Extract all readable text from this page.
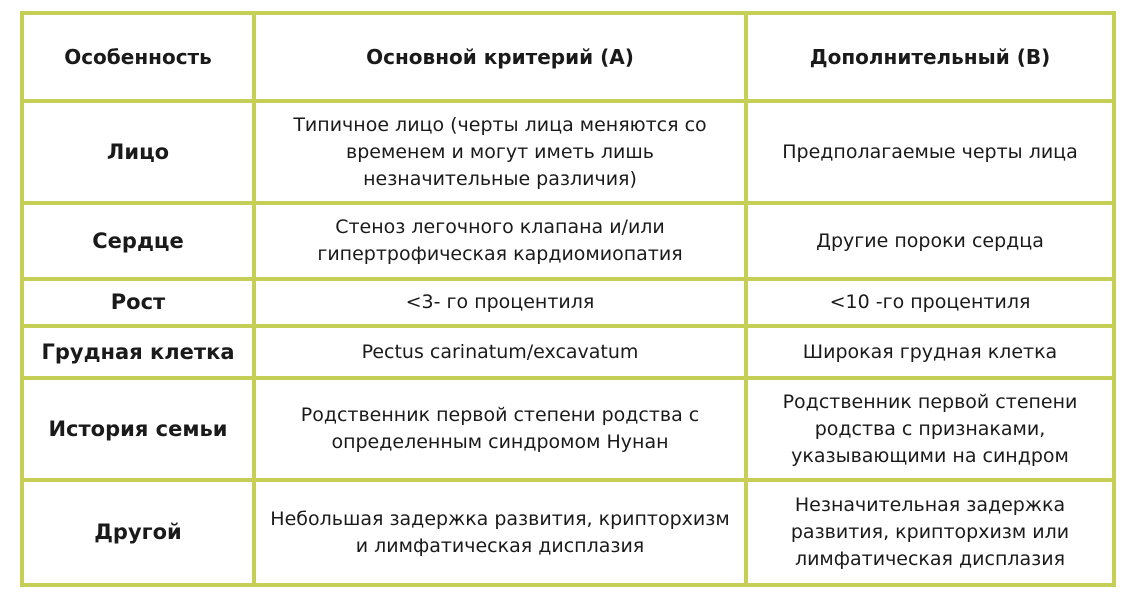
Особенность	Основной критерий (А)	Дополнительный (В)
Лицо	Типичное лицо (черты лица меняются со временем и могут иметь лишь незначительные различия)	Предполагаемые черты лица
Сердце	Стеноз легочного клапана и/или гипертрофическая кардиомиопатия	Другие пороки сердца
Рост	<3- го процентиля	<10 -го процентиля
Грудная клетка	Pectus carinatum/excavatum	Широкая грудная клетка
История семьи	Родственник первой степени родства с определенным синдромом Нунан	Родственник первой степени родства с признаками, указывающими на синдром
Другой	Небольшая задержка развития, крипторхизм и лимфатическая дисплазия	Незначительная задержка развития, крипторхизм или лимфатическая дисплазия
